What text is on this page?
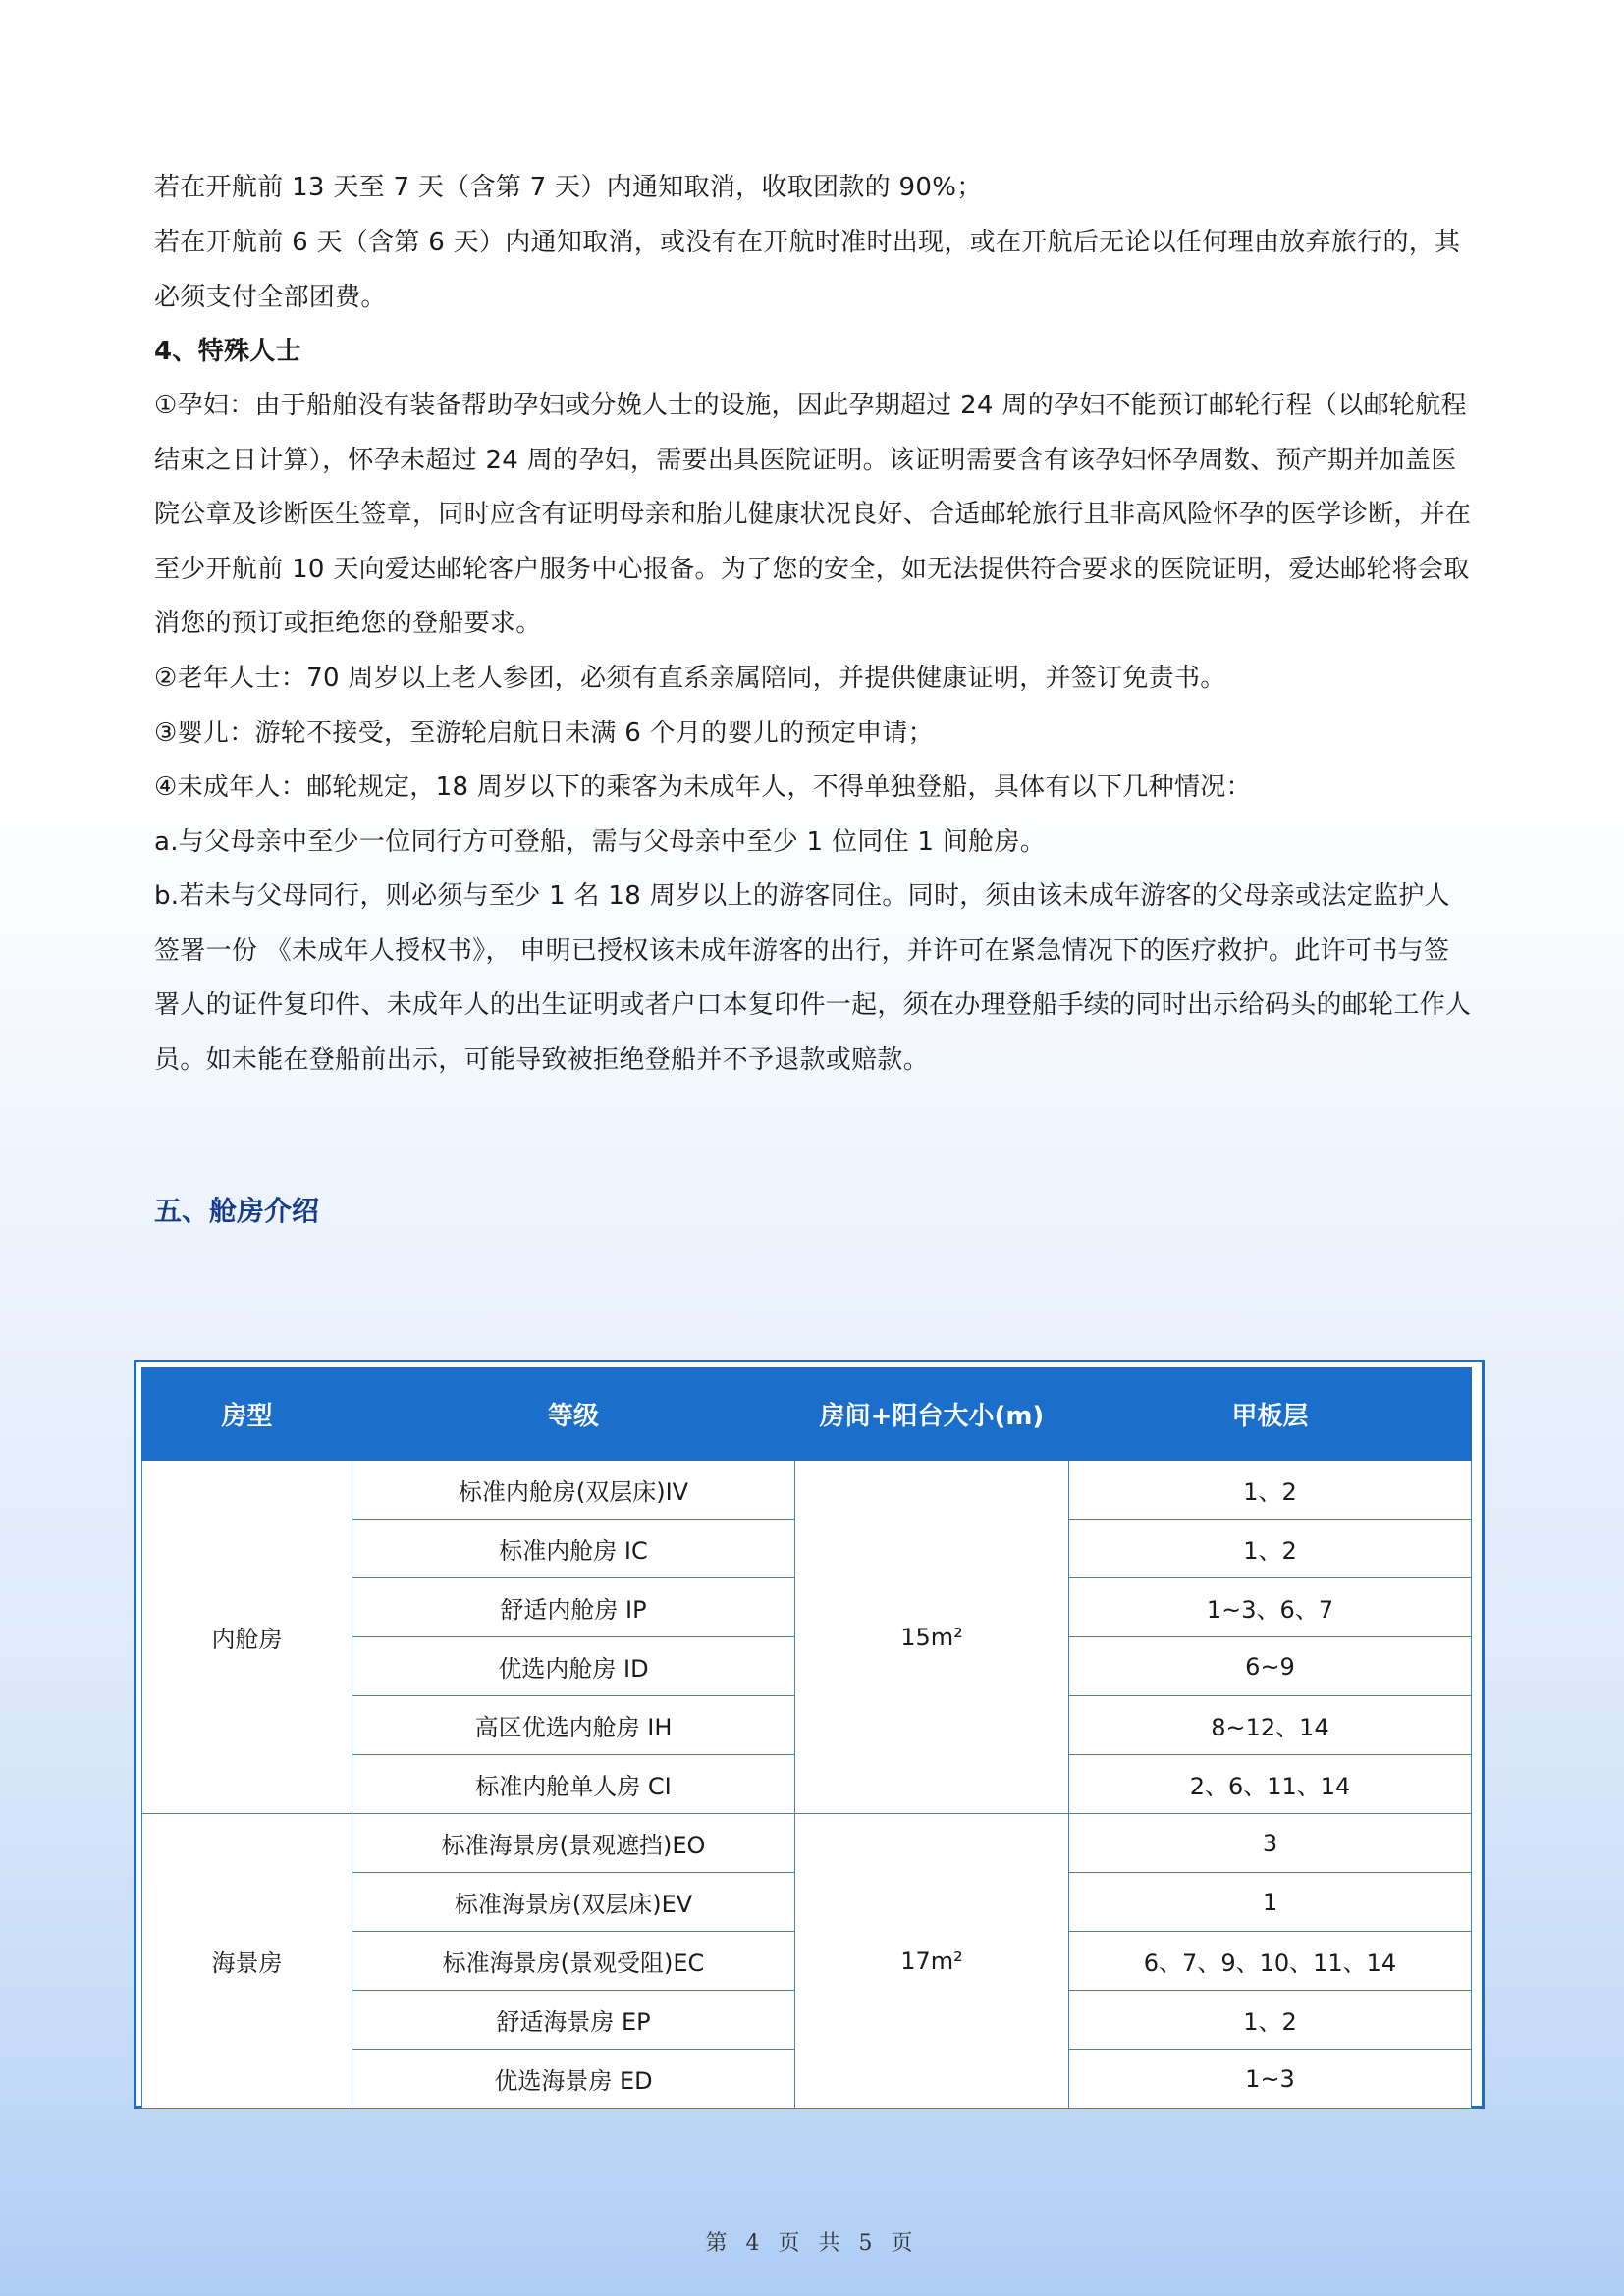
若在开航前 13 天至 7 天（含第 7 天）内通知取消，收取团款的 90%；

若在开航前 6 天（含第 6 天）内通知取消，或没有在开航时准时出现，或在开航后无论以任何理由放弃旅行的，其必须支付全部团费。

4、特殊人士

①孕妇：由于船舶没有装备帮助孕妇或分娩人士的设施，因此孕期超过 24 周的孕妇不能预订邮轮行程（以邮轮航程结束之日计算），怀孕未超过 24 周的孕妇，需要出具医院证明。该证明需要含有该孕妇怀孕周数、预产期并加盖医院公章及诊断医生签章，同时应含有证明母亲和胎儿健康状况良好、合适邮轮旅行且非高风险怀孕的医学诊断，并在至少开航前 10 天向爱达邮轮客户服务中心报备。为了您的安全，如无法提供符合要求的医院证明，爱达邮轮将会取消您的预订或拒绝您的登船要求。

②老年人士：70 周岁以上老人参团，必须有直系亲属陪同，并提供健康证明，并签订免责书。

③婴儿：游轮不接受，至游轮启航日未满 6 个月的婴儿的预定申请；

④未成年人：邮轮规定，18 周岁以下的乘客为未成年人，不得单独登船，具体有以下几种情况：

a.与父母亲中至少一位同行方可登船，需与父母亲中至少 1 位同住 1 间舱房。

b.若未与父母同行，则必须与至少 1 名 18 周岁以上的游客同住。同时，须由该未成年游客的父母亲或法定监护人签署一份 《未成年人授权书》， 申明已授权该未成年游客的出行，并许可在紧急情况下的医疗救护。此许可书与签署人的证件复印件、未成年人的出生证明或者户口本复印件一起，须在办理登船手续的同时出示给码头的邮轮工作人员。如未能在登船前出示，可能导致被拒绝登船并不予退款或赔款。

五、舱房介绍
房型	等级	房间+阳台大小(m)	甲板层
内舱房	标准内舱房(双层床)IV	15m²	1、2
	标准内舱房 IC		1、2
	舒适内舱房 IP		1~3、6、7
	优选内舱房 ID		6~9
	高区优选内舱房 IH		8~12、14
	标准内舱单人房 CI		2、6、11、14
海景房	标准海景房(景观遮挡)EO	17m²	3
	标准海景房(双层床)EV		1
	标准海景房(景观受阻)EC		6、7、9、10、11、14
	舒适海景房 EP		1、2
	优选海景房 ED		1~3
第 4 页 共 5 页
